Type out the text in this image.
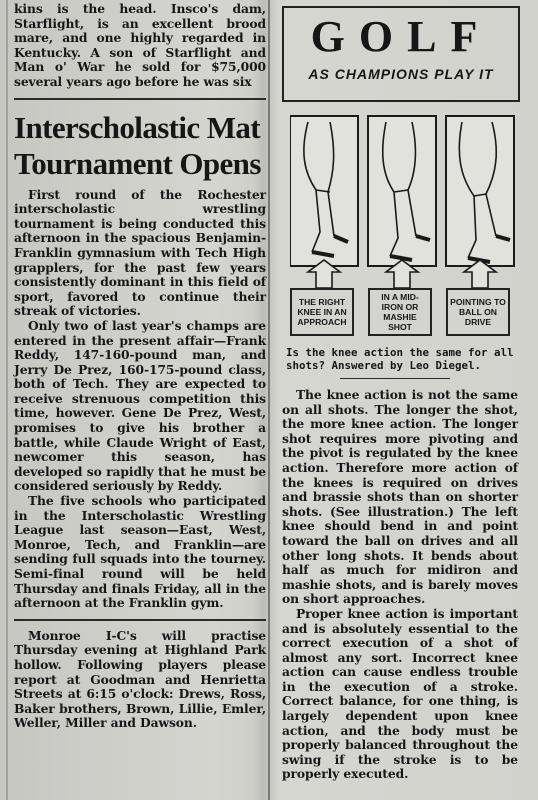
kins is the head. Insco's dam, Starflight, is an excellent brood mare, and one highly regarded in Kentucky. A son of Starflight and Man o' War he sold for $75,000 several years ago before he was six

Interscholastic Mat
Tournament Opens

First round of the Rochester interscholastic wrestling tournament is being conducted this afternoon in the spacious Benjamin-Franklin gymnasium with Tech High grapplers, for the past few years consistently dominant in this field of sport, favored to continue their streak of victories.

Only two of last year's champs are entered in the present affair—Frank Reddy, 147-160-pound man, and Jerry De Prez, 160-175-pound class, both of Tech. They are expected to receive strenuous competition this time, however. Gene De Prez, West, promises to give his brother a battle, while Claude Wright of East, newcomer this season, has developed so rapidly that he must be considered seriously by Reddy.

The five schools who participated in the Interscholastic Wrestling League last season—East, West, Monroe, Tech, and Franklin—are sending full squads into the tourney. Semi-final round will be held Thursday and finals Friday, all in the afternoon at the Franklin gym.

Monroe I-C's will practise Thursday evening at Highland Park hollow. Following players please report at Goodman and Henrietta Streets at 6:15 o'clock: Drews, Ross, Baker brothers, Brown, Lillie, Emler, Weller, Miller and Dawson.

GOLF
AS CHAMPIONS PLAY IT
THE RIGHT KNEE IN AN APPROACH
IN A MID-IRON OR MASHIE SHOT
POINTING TO BALL ON DRIVE
Is the knee action the same for all shots? Answered by Leo Diegel.

The knee action is not the same on all shots. The longer the shot, the more knee action. The longer shot requires more pivoting and the pivot is regulated by the knee action. Therefore more action of the knees is required on drives and brassie shots than on shorter shots. (See illustration.) The left knee should bend in and point toward the ball on drives and all other long shots. It bends about half as much for midiron and mashie shots, and is barely moves on short approaches.

Proper knee action is important and is absolutely essential to the correct execution of a shot of almost any sort. Incorrect knee action can cause endless trouble in the execution of a stroke. Correct balance, for one thing, is largely dependent upon knee action, and the body must be properly balanced throughout the swing if the stroke is to be properly executed.
